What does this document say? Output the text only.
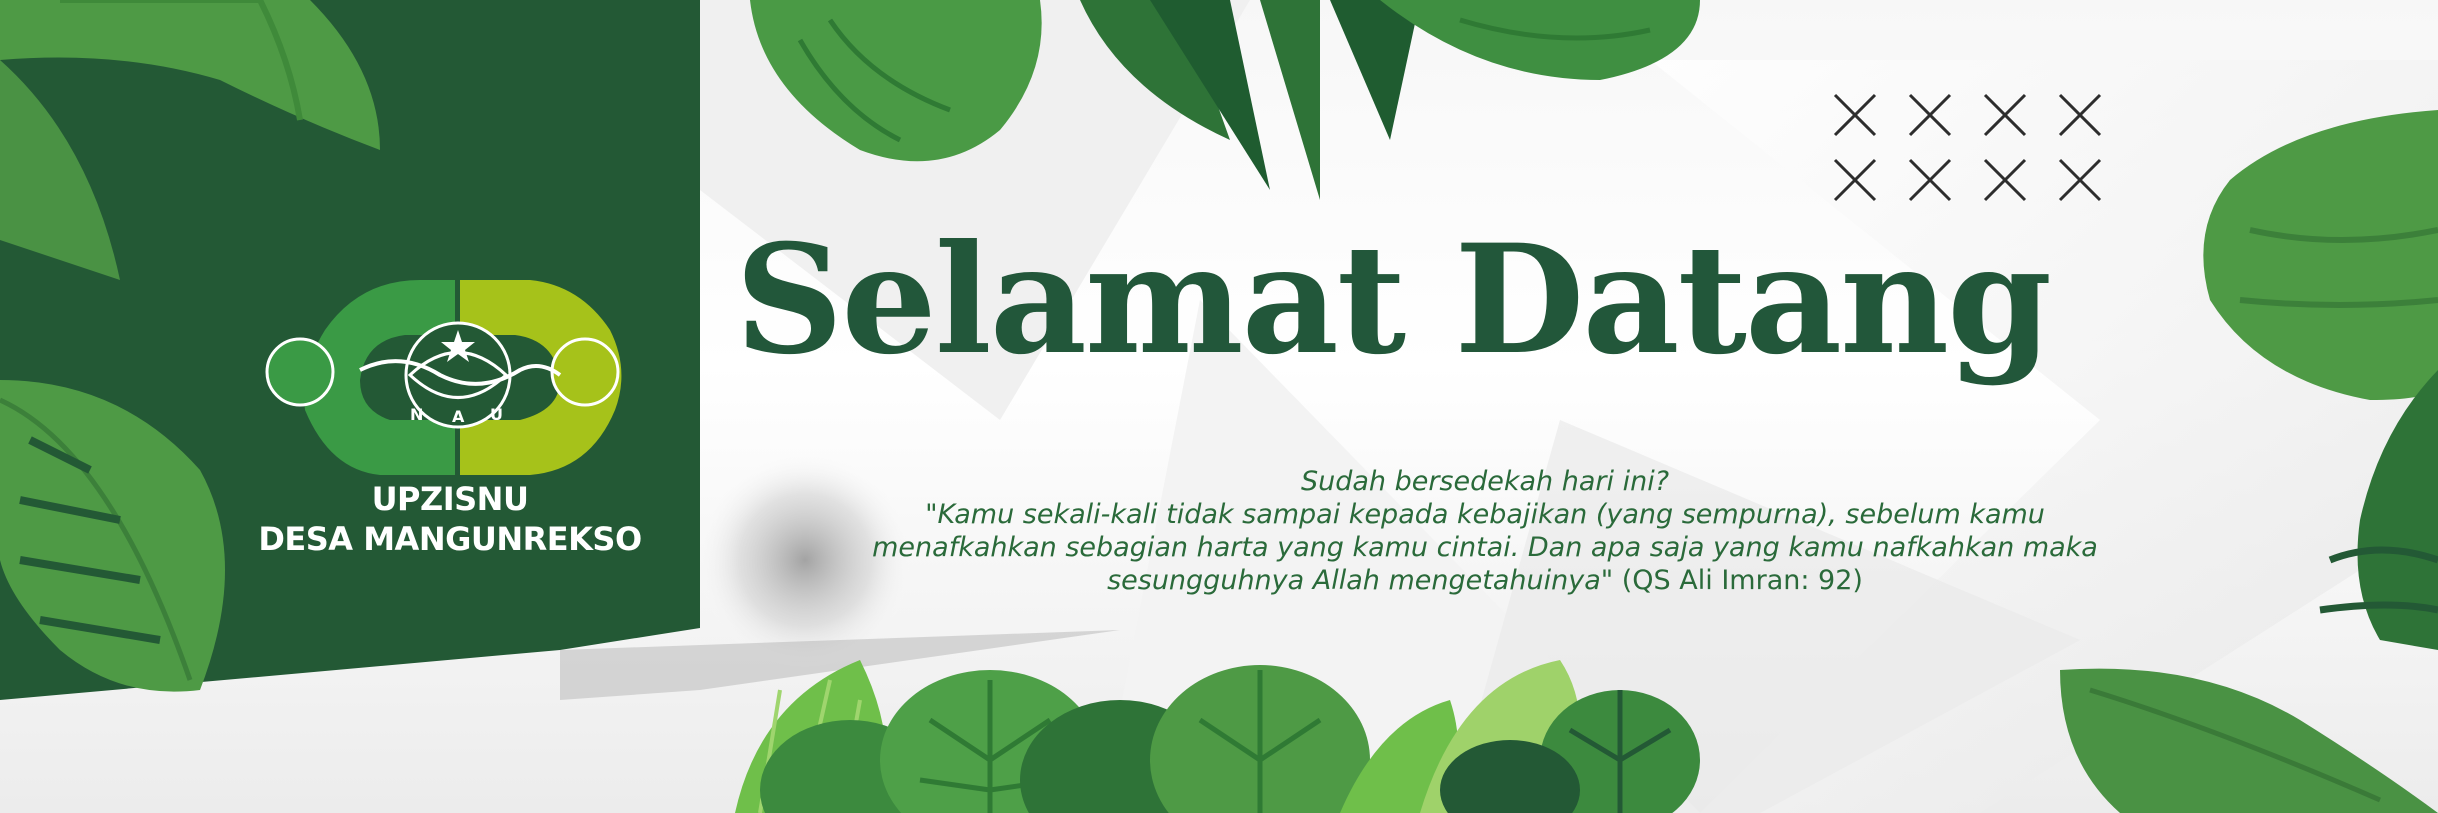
N A U
UPZISNU
DESA MANGUNREKSO
Selamat Datang
Sudah bersedekah hari ini?
"Kamu sekali-kali tidak sampai kepada kebajikan (yang sempurna), sebelum kamu
menafkahkan sebagian harta yang kamu cintai. Dan apa saja yang kamu nafkahkan maka
sesungguhnya Allah mengetahuinya" (QS Ali Imran: 92)
